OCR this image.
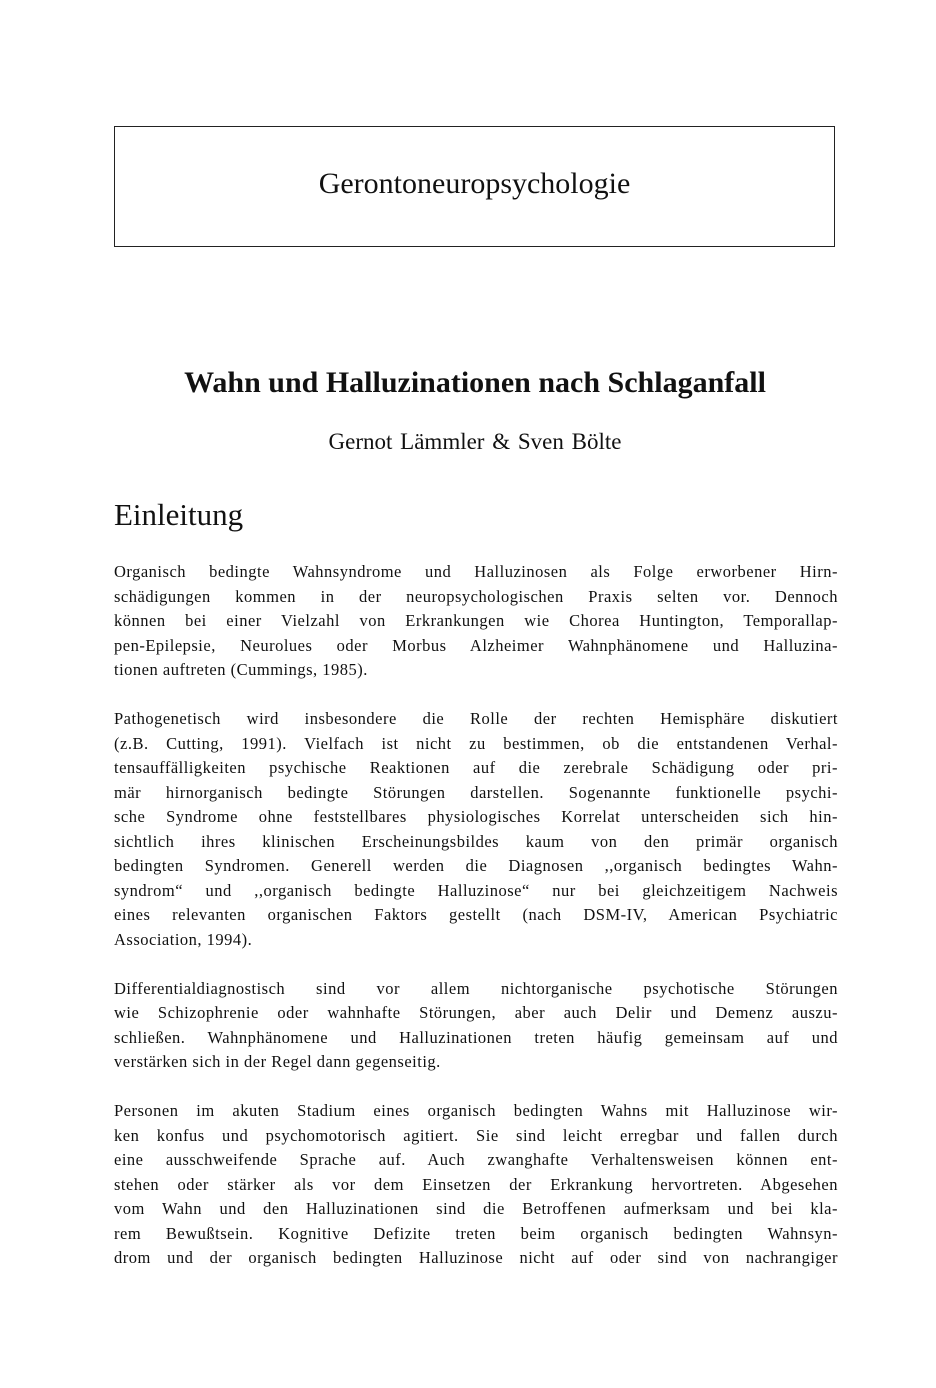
Gerontoneuropsychologie
Wahn und Halluzinationen nach Schlaganfall
Gernot Lämmler & Sven Bölte
Einleitung

Organisch bedingte Wahnsyndrome und Halluzinosen als Folge erworbener Hirn-
schädigungen kommen in der neuropsychologischen Praxis selten vor. Dennoch
können bei einer Vielzahl von Erkrankungen wie Chorea Huntington, Temporallap-
pen-Epilepsie, Neurolues oder Morbus Alzheimer Wahnphänomene und Halluzina-
tionen auftreten (Cummings, 1985).

Pathogenetisch wird insbesondere die Rolle der rechten Hemisphäre diskutiert
(z.B. Cutting, 1991). Vielfach ist nicht zu bestimmen, ob die entstandenen Verhal-
tensauffälligkeiten psychische Reaktionen auf die zerebrale Schädigung oder pri-
mär hirnorganisch bedingte Störungen darstellen. Sogenannte funktionelle psychi-
sche Syndrome ohne feststellbares physiologisches Korrelat unterscheiden sich hin-
sichtlich ihres klinischen Erscheinungsbildes kaum von den primär organisch
bedingten Syndromen. Generell werden die Diagnosen ,,organisch bedingtes Wahn-
syndrom“ und ,,organisch bedingte Halluzinose“ nur bei gleichzeitigem Nachweis
eines relevanten organischen Faktors gestellt (nach DSM-IV, American Psychiatric
Association, 1994).

Differentialdiagnostisch sind vor allem nichtorganische psychotische Störungen
wie Schizophrenie oder wahnhafte Störungen, aber auch Delir und Demenz auszu-
schließen. Wahnphänomene und Halluzinationen treten häufig gemeinsam auf und
verstärken sich in der Regel dann gegenseitig.

Personen im akuten Stadium eines organisch bedingten Wahns mit Halluzinose wir-
ken konfus und psychomotorisch agitiert. Sie sind leicht erregbar und fallen durch
eine ausschweifende Sprache auf. Auch zwanghafte Verhaltensweisen können ent-
stehen oder stärker als vor dem Einsetzen der Erkrankung hervortreten. Abgesehen
vom Wahn und den Halluzinationen sind die Betroffenen aufmerksam und bei kla-
rem Bewußtsein. Kognitive Defizite treten beim organisch bedingten Wahnsyn-
drom und der organisch bedingten Halluzinose nicht auf oder sind von nachrangiger
